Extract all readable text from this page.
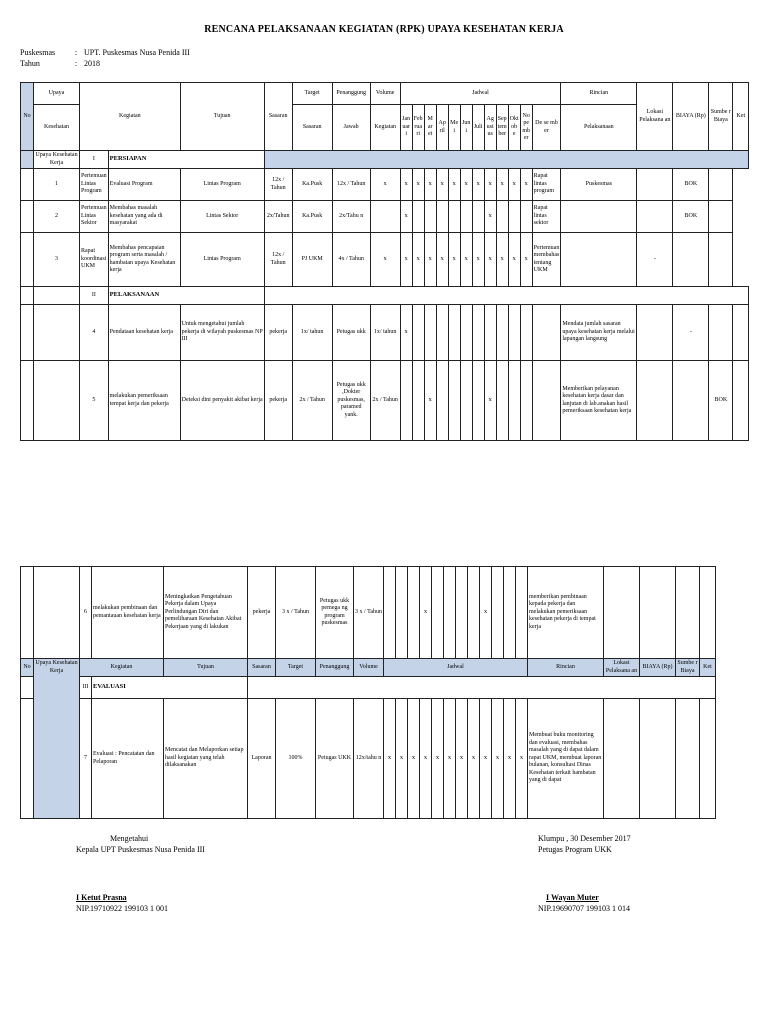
RENCANA PELAKSANAAN KEGIATAN (RPK) UPAYA KESEHATAN KERJA
Puskesmas : UPT. Puskesmas Nusa Penida III
Tahun	: 2018
No	Upaya	Kegiatan		Tujuan	Sasaran	Target	Penanggung	Volume	Jadwal												Rincian	Lokasi Pelaksana an	BIAYA (Rp)	Sumbe r Biaya	Ket
	Kesehatan					Sasaran	Jawab	Kegiatan	Jan uar i	Feb rua ri	M ar et	Ap ril	Me i	Jun i	Juli	Ag ust us	Sep tem ber	Okt ob e	No pe mb er	De se mb er	Pelaksanaan				
	Upaya Kesehatan Kerja	I	PERSIAPAN																						
	1	Pertemuan Lintas Program	Evaluasi Program	Lintas Program	12x / Tahun	Ka.Pusk	12x / Tahun	x	x	x	x	x	x	x	x	x	x	x	x	Rapat lintas program	Puskesmas		BOK		
	2	Pertemuan Lintas Sektor	Membahas masalah kesehatan yang ada di masyarakat	Lintas Sektor	2x/Tahun	Ka.Pusk	2x/Tahu n		x							x				Rapat lintas sektor			BOK		
	3	Rapat koordinasi UKM	Membahas pencapaian program serta masalah / hambatan upaya Kesehatan kerja	Lintas Program	12x / Tahun	PJ UKM	4x / Tahun	x	x	x	x	x	x	x	x	x	x	x	x	Pertemuan membahas tentang UKM		-			
		II	PELAKSANAAN																						
		4	Pendataan kesehatan kerja	Untuk mengetahui jumlah pekerja di wilayah puskesmas NP III	pekerja	1x/ tahun	Petugas ukk	1x/ tahun	x												Mendata jumlah sasaran upaya kesehatan kerja melalui lapangan langsung		-		
		5	melakukan pemeriksaan tempat kerja dan pekerja	Deteksi dini penyakit akibat kerja	pekerja	2x / Tahun	Petugas ukk ,Dokter puskesmas, paramed yank.	2x / Tahun			x					x					Memberikan pelayanan kesehatan kerja dasar dan lanjutan di lab.anakan hasil pemeriksaan kesehatan kerja			BOK	
		6	melakukan pembinaan dan pemantauan kesehatan kerja	Meningkatkan Pengetahuan Pekerja dalam Upaya Perlindungan Diri dan pemeliharaan Kesehatan Akibat Pekerjaan yang di lakukan	pekerja	3 x / Tahun	Petugas ukk pemega ng program puskesmas	3 x / Tahun				x					x				memberikan pembinaan kepada pekerja dan melakukan pemeriksaan kesehatan pekerja di tempat kerja				
No	Upaya Kesehatan Kerja	Kegiatan		Tujuan	Sasaran	Target	Penanggung	Volume	Jadwal												Rincian	Lokasi Pelaksana an	BIAYA (Rp)	Sumbe r Biaya	Ket
		III	EVALUASI																						
		7	Evaluasi : Pencatatan dan Pelaporan	Mencatat dan Melaporkan setiap hasil kegiatan yang telah dilaksanakan	Laporan	100%	Petugas UKK	12x/tahu n	x	x	x	x	x	x	x	x	x	x	x	x	Membuat buku monitoring dan evaluasi, membahas masalah yang di dapat dalam rapat UKM, membuat laporan bulanan, konsultasi Dinas Kesehatan terkait hambatan yang di dapat				
Mengetahui
Kepala UPT Puskesmas Nusa Penida III
I Ketut Prasna
NIP.19710922 199103 1 001
Klumpu , 30 Desember 2017
Petugas Program UKK
I Wayan Muter
NIP.19690707 199103 1 014
